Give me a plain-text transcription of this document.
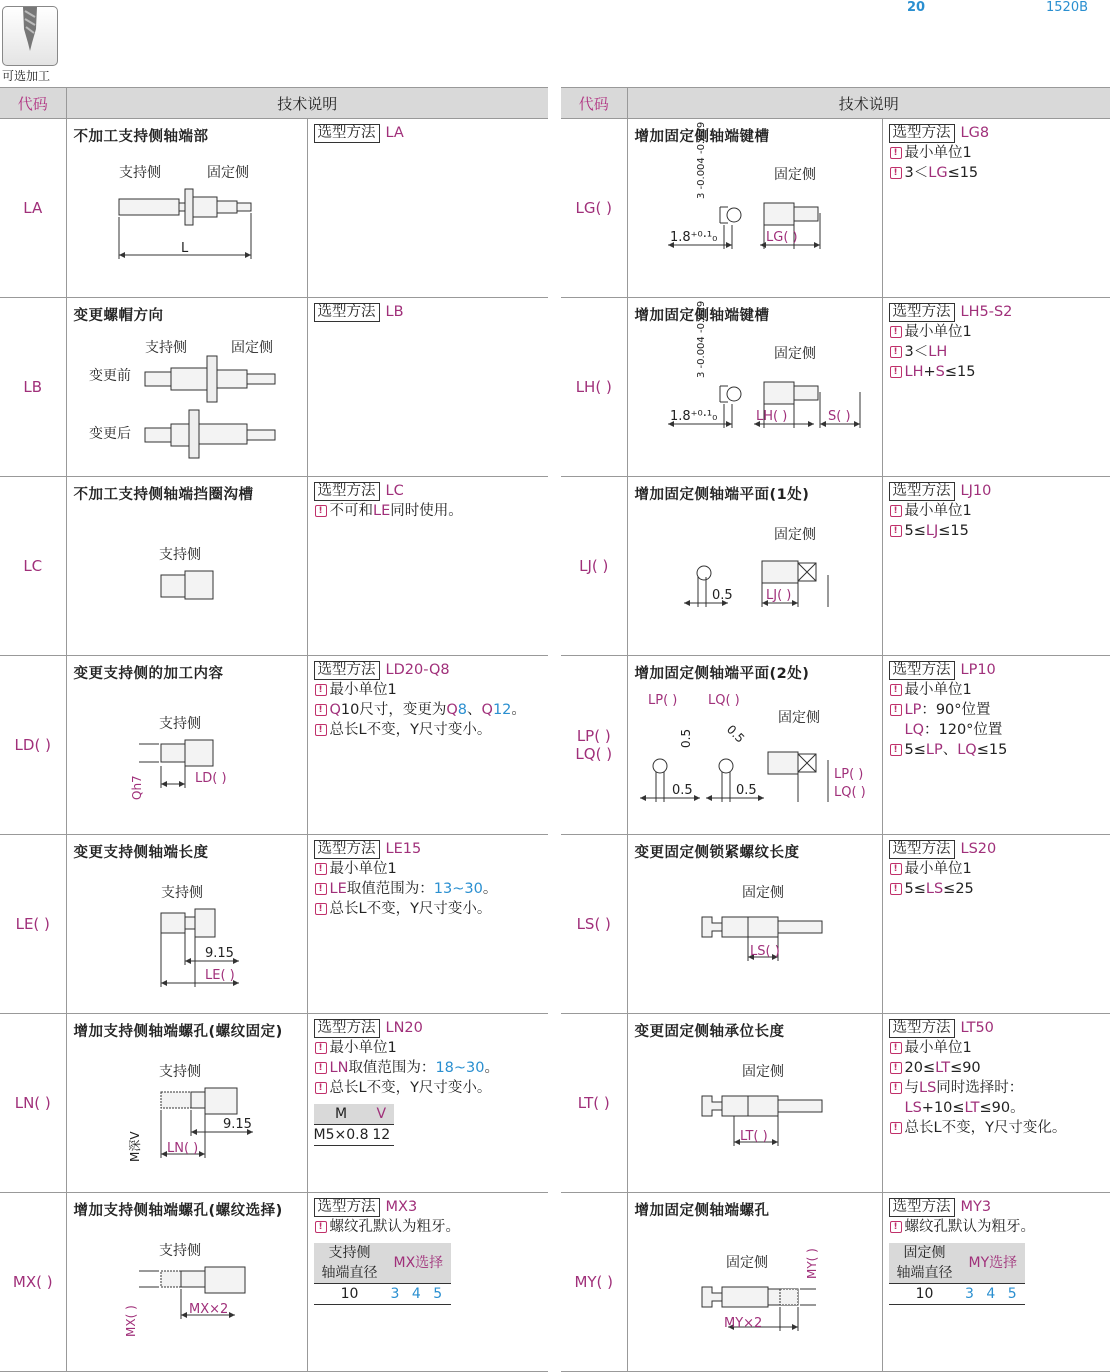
20	1520B
可选加工
代码	技术说明
LA	
不加工支持侧轴端部
支持侧	固定侧
L

选型方法 LA

LB	
变更螺帽方向
支持侧	固定侧
变更前
变更后

选型方法 LB

LC	
不加工支持侧轴端挡圈沟槽
支持侧

选型方法 LC
! 不可和LE同时使用。

LD( )	
变更支持侧的加工内容
支持侧
LD( )
Qh7

选型方法 LD20-Q8
! 最小单位1
! Q10尺寸，变更为Q8、Q12。
! 总长L不变，Y尺寸变小。

LE( )	
变更支持侧轴端长度
支持侧
9.15
LE( )

选型方法 LE15
! 最小单位1
! LE取值范围为：13~30。
! 总长L不变，Y尺寸变小。

LN( )	
增加支持侧轴端螺孔(螺纹固定)
支持侧
9.15
LN( )
M深V

选型方法 LN20
! 最小单位1
! LN取值范围为：18~30。
! 总长L不变，Y尺寸变小。
M	V
M5×0.8	12

MX( )	
增加支持侧轴端螺孔(螺纹选择)
支持侧
MX×2
MX( )

选型方法 MX3
! 螺纹孔默认为粗牙。
支持侧
轴端直径	MX选择
10	3 4 5
代码	技术说明
LG( )	
增加固定侧轴端键槽
固定侧
3 -0.004 -0.029
1.8⁺⁰·¹₀	LG( )

选型方法 LG8
! 最小单位1
! 3＜LG≤15

LH( )	
增加固定侧轴端键槽
固定侧
3 -0.004 -0.029
1.8⁺⁰·¹₀	LH( )	S( )

选型方法 LH5-S2
! 最小单位1
! 3＜LH
! LH+S≤15

LJ( )	
增加固定侧轴端平面(1处)
固定侧
0.5	LJ( )

选型方法 LJ10
! 最小单位1
! 5≤LJ≤15

LP( )
LQ( )	
增加固定侧轴端平面(2处)
LP( ) LQ( )
固定侧
0.5	0.5
0.5	0.5
LP( )
LQ( )

选型方法 LP10
! 最小单位1
! LP：90°位置
LQ：120°位置
! 5≤LP、LQ≤15

LS( )	
变更固定侧锁紧螺纹长度
固定侧
LS( )

选型方法 LS20
! 最小单位1
! 5≤LS≤25

LT( )	
变更固定侧轴承位长度
固定侧
LT( )

选型方法 LT50
! 最小单位1
! 20≤LT≤90
! 与LS同时选择时：LS+10≤LT≤90。
! 总长L不变，Y尺寸变化。

MY( )	
增加固定侧轴端螺孔
固定侧	MY( )
MY×2

选型方法 MY3
! 螺纹孔默认为粗牙。
固定侧
轴端直径	MY选择
10	3 4 5
